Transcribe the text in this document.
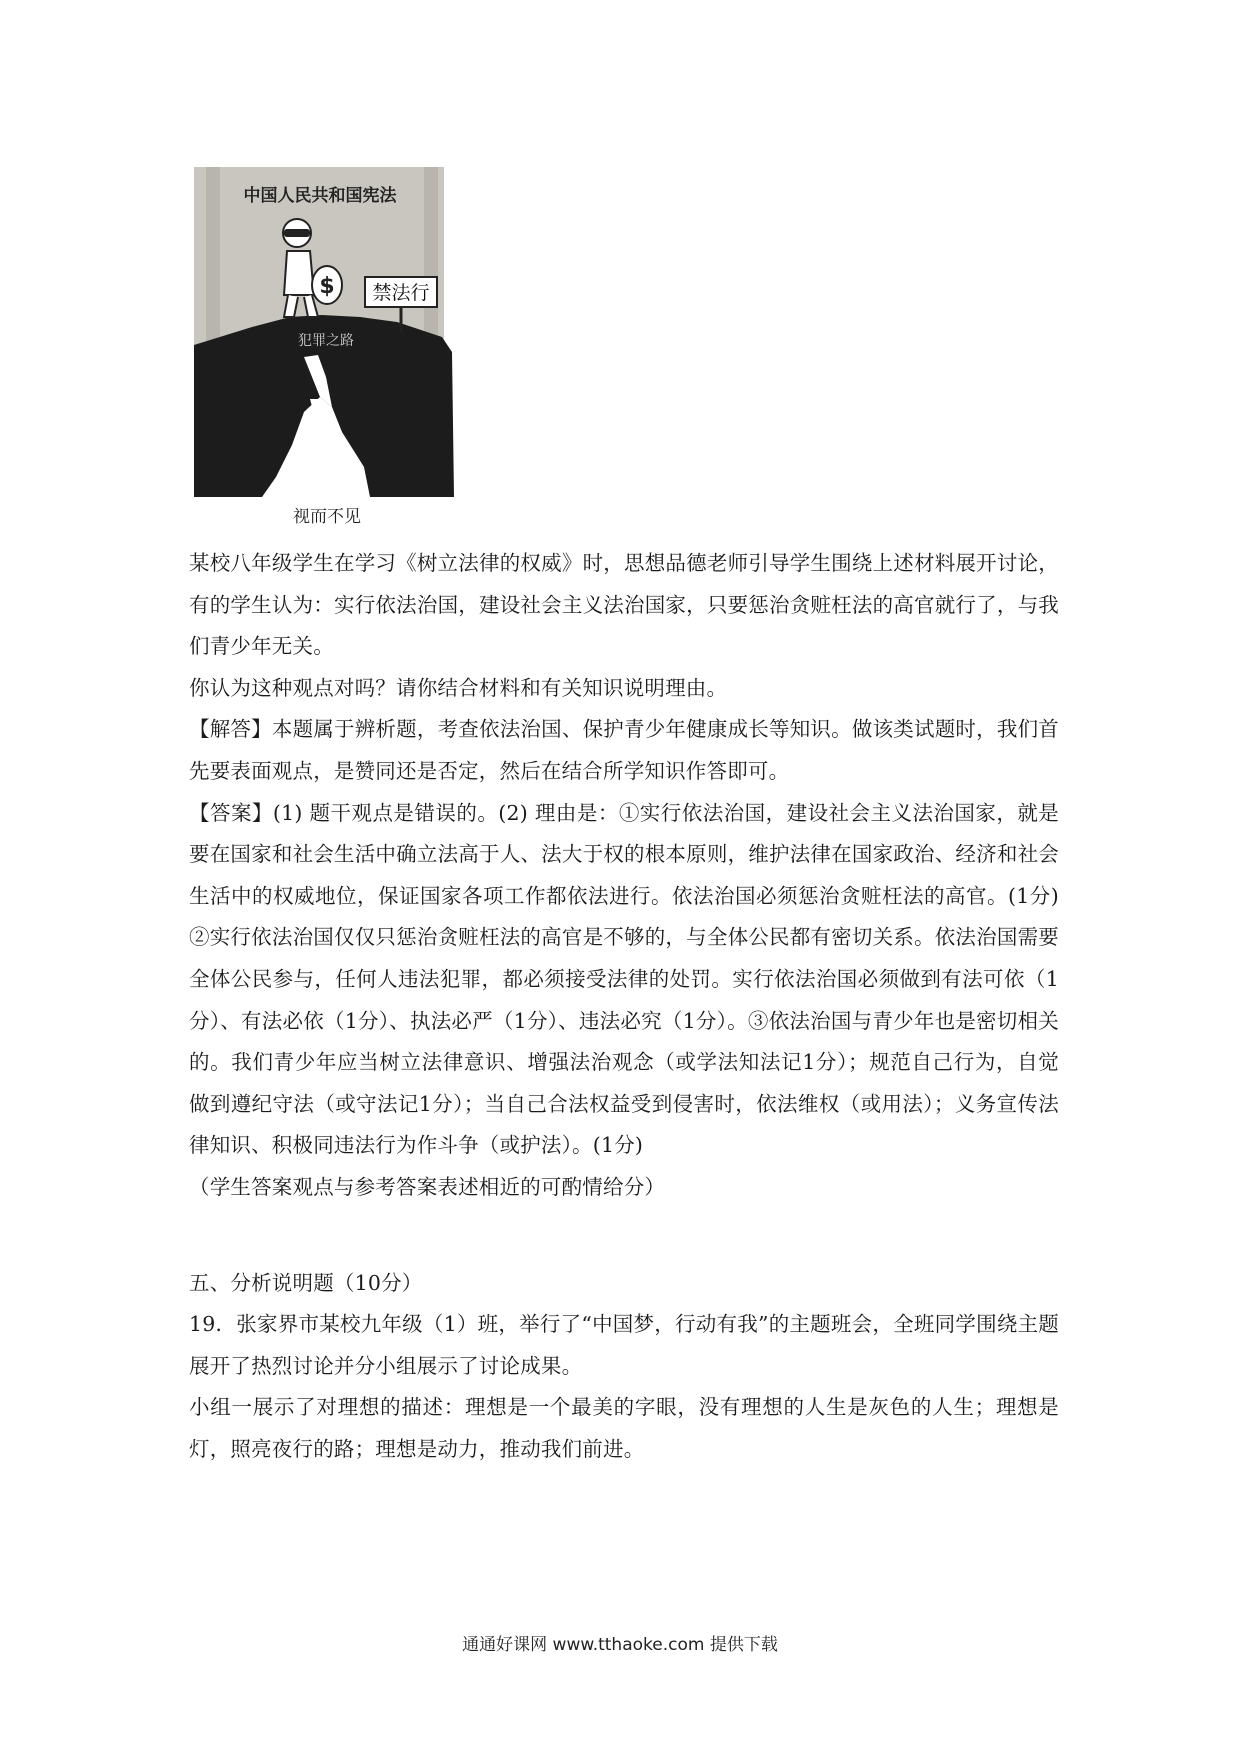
中国人民共和国宪法
犯罪之路
$ 禁法行
视而不见

某校八年级学生在学习《树立法律的权威》时，思想品德老师引导学生围绕上述材料展开讨论，有的学生认为：实行依法治国，建设社会主义法治国家，只要惩治贪赃枉法的高官就行了，与我们青少年无关。

你认为这种观点对吗？请你结合材料和有关知识说明理由。

【解答】本题属于辨析题，考查依法治国、保护青少年健康成长等知识。做该类试题时，我们首先要表面观点，是赞同还是否定，然后在结合所学知识作答即可。

【答案】(1) 题干观点是错误的。(2) 理由是：①实行依法治国，建设社会主义法治国家，就是要在国家和社会生活中确立法高于人、法大于权的根本原则，维护法律在国家政治、经济和社会生活中的权威地位，保证国家各项工作都依法进行。依法治国必须惩治贪赃枉法的高官。(1分) ②实行依法治国仅仅只惩治贪赃枉法的高官是不够的，与全体公民都有密切关系。依法治国需要全体公民参与，任何人违法犯罪，都必须接受法律的处罚。实行依法治国必须做到有法可依（1分）、有法必依（1分）、执法必严（1分）、违法必究（1分）。③依法治国与青少年也是密切相关的。我们青少年应当树立法律意识、增强法治观念（或学法知法记1分）；规范自己行为，自觉做到遵纪守法（或守法记1分）；当自己合法权益受到侵害时，依法维权（或用法）；义务宣传法律知识、积极同违法行为作斗争（或护法）。(1分)

（学生答案观点与参考答案表述相近的可酌情给分）

五、分析说明题（10分）

19．张家界市某校九年级（1）班，举行了“中国梦，行动有我”的主题班会，全班同学围绕主题展开了热烈讨论并分小组展示了讨论成果。

小组一展示了对理想的描述：理想是一个最美的字眼，没有理想的人生是灰色的人生；理想是灯，照亮夜行的路；理想是动力，推动我们前进。

通通好课网 www.tthaoke.com 提供下载
